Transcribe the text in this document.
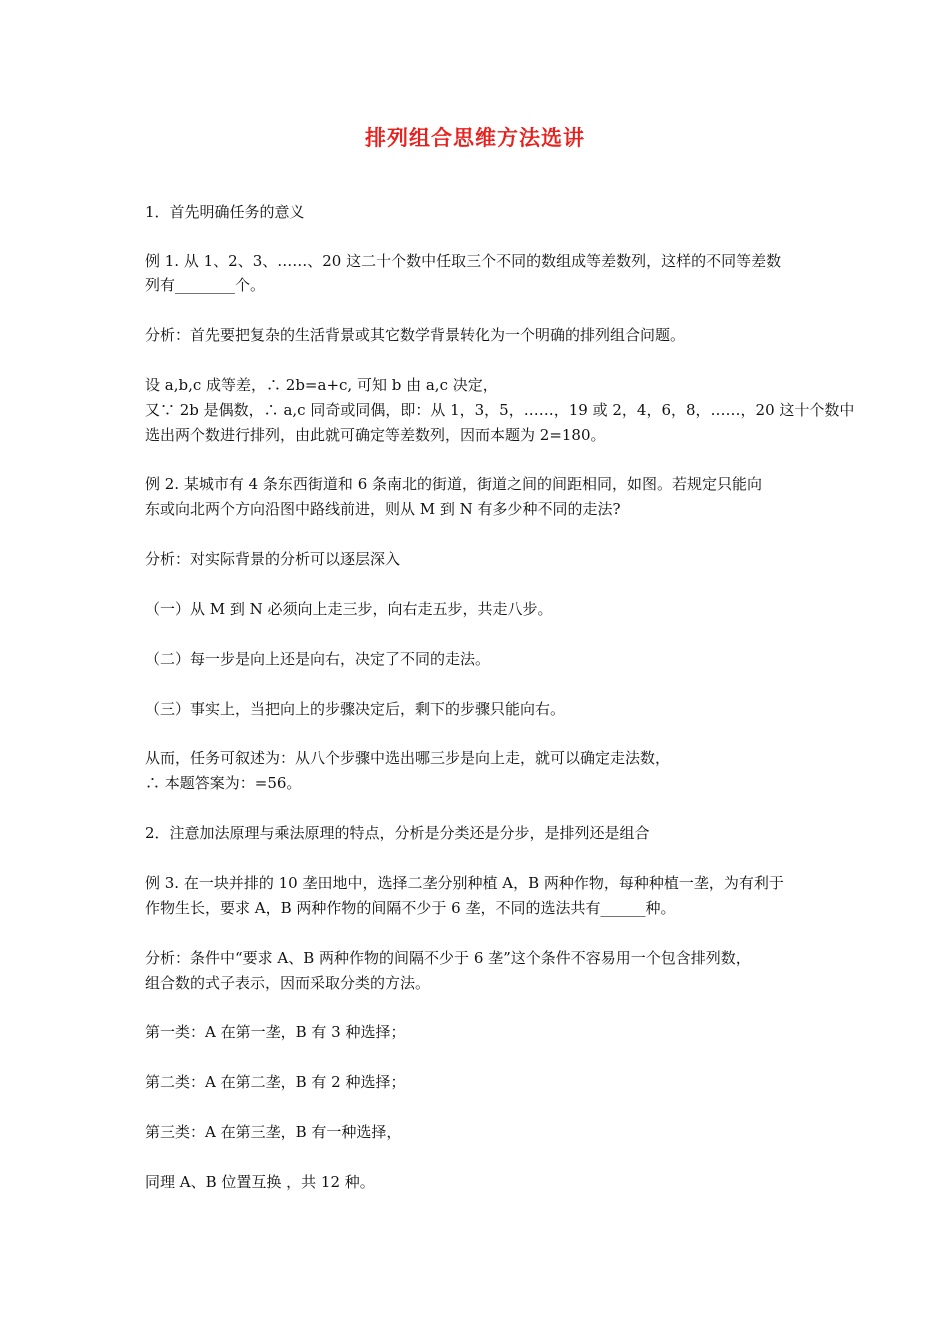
排列组合思维方法选讲
1．首先明确任务的意义
例 1. 从 1、2、3、……、20 这二十个数中任取三个不同的数组成等差数列，这样的不同等差数
列有________个。
分析：首先要把复杂的生活背景或其它数学背景转化为一个明确的排列组合问题。
设 a,b,c 成等差，∴ 2b=a+c, 可知 b 由 a,c 决定，
又∵ 2b 是偶数，∴ a,c 同奇或同偶，即：从 1，3，5，……，19 或 2，4，6，8，……，20 这十个数中
选出两个数进行排列，由此就可确定等差数列，因而本题为 2=180。
例 2. 某城市有 4 条东西街道和 6 条南北的街道，街道之间的间距相同，如图。若规定只能向
东或向北两个方向沿图中路线前进，则从 M 到 N 有多少种不同的走法?
分析：对实际背景的分析可以逐层深入
（一）从 M 到 N 必须向上走三步，向右走五步，共走八步。
（二）每一步是向上还是向右，决定了不同的走法。
（三）事实上，当把向上的步骤决定后，剩下的步骤只能向右。
从而，任务可叙述为：从八个步骤中选出哪三步是向上走，就可以确定走法数，
∴ 本题答案为：=56。
2．注意加法原理与乘法原理的特点，分析是分类还是分步，是排列还是组合
例 3. 在一块并排的 10 垄田地中，选择二垄分别种植 A，B 两种作物，每种种植一垄，为有利于
作物生长，要求 A，B 两种作物的间隔不少于 6 垄，不同的选法共有______种。
分析：条件中“要求 A、B 两种作物的间隔不少于 6 垄”这个条件不容易用一个包含排列数，
组合数的式子表示，因而采取分类的方法。
第一类：A 在第一垄，B 有 3 种选择；
第二类：A 在第二垄，B 有 2 种选择；
第三类：A 在第三垄，B 有一种选择，
同理 A、B 位置互换 ，共 12 种。
